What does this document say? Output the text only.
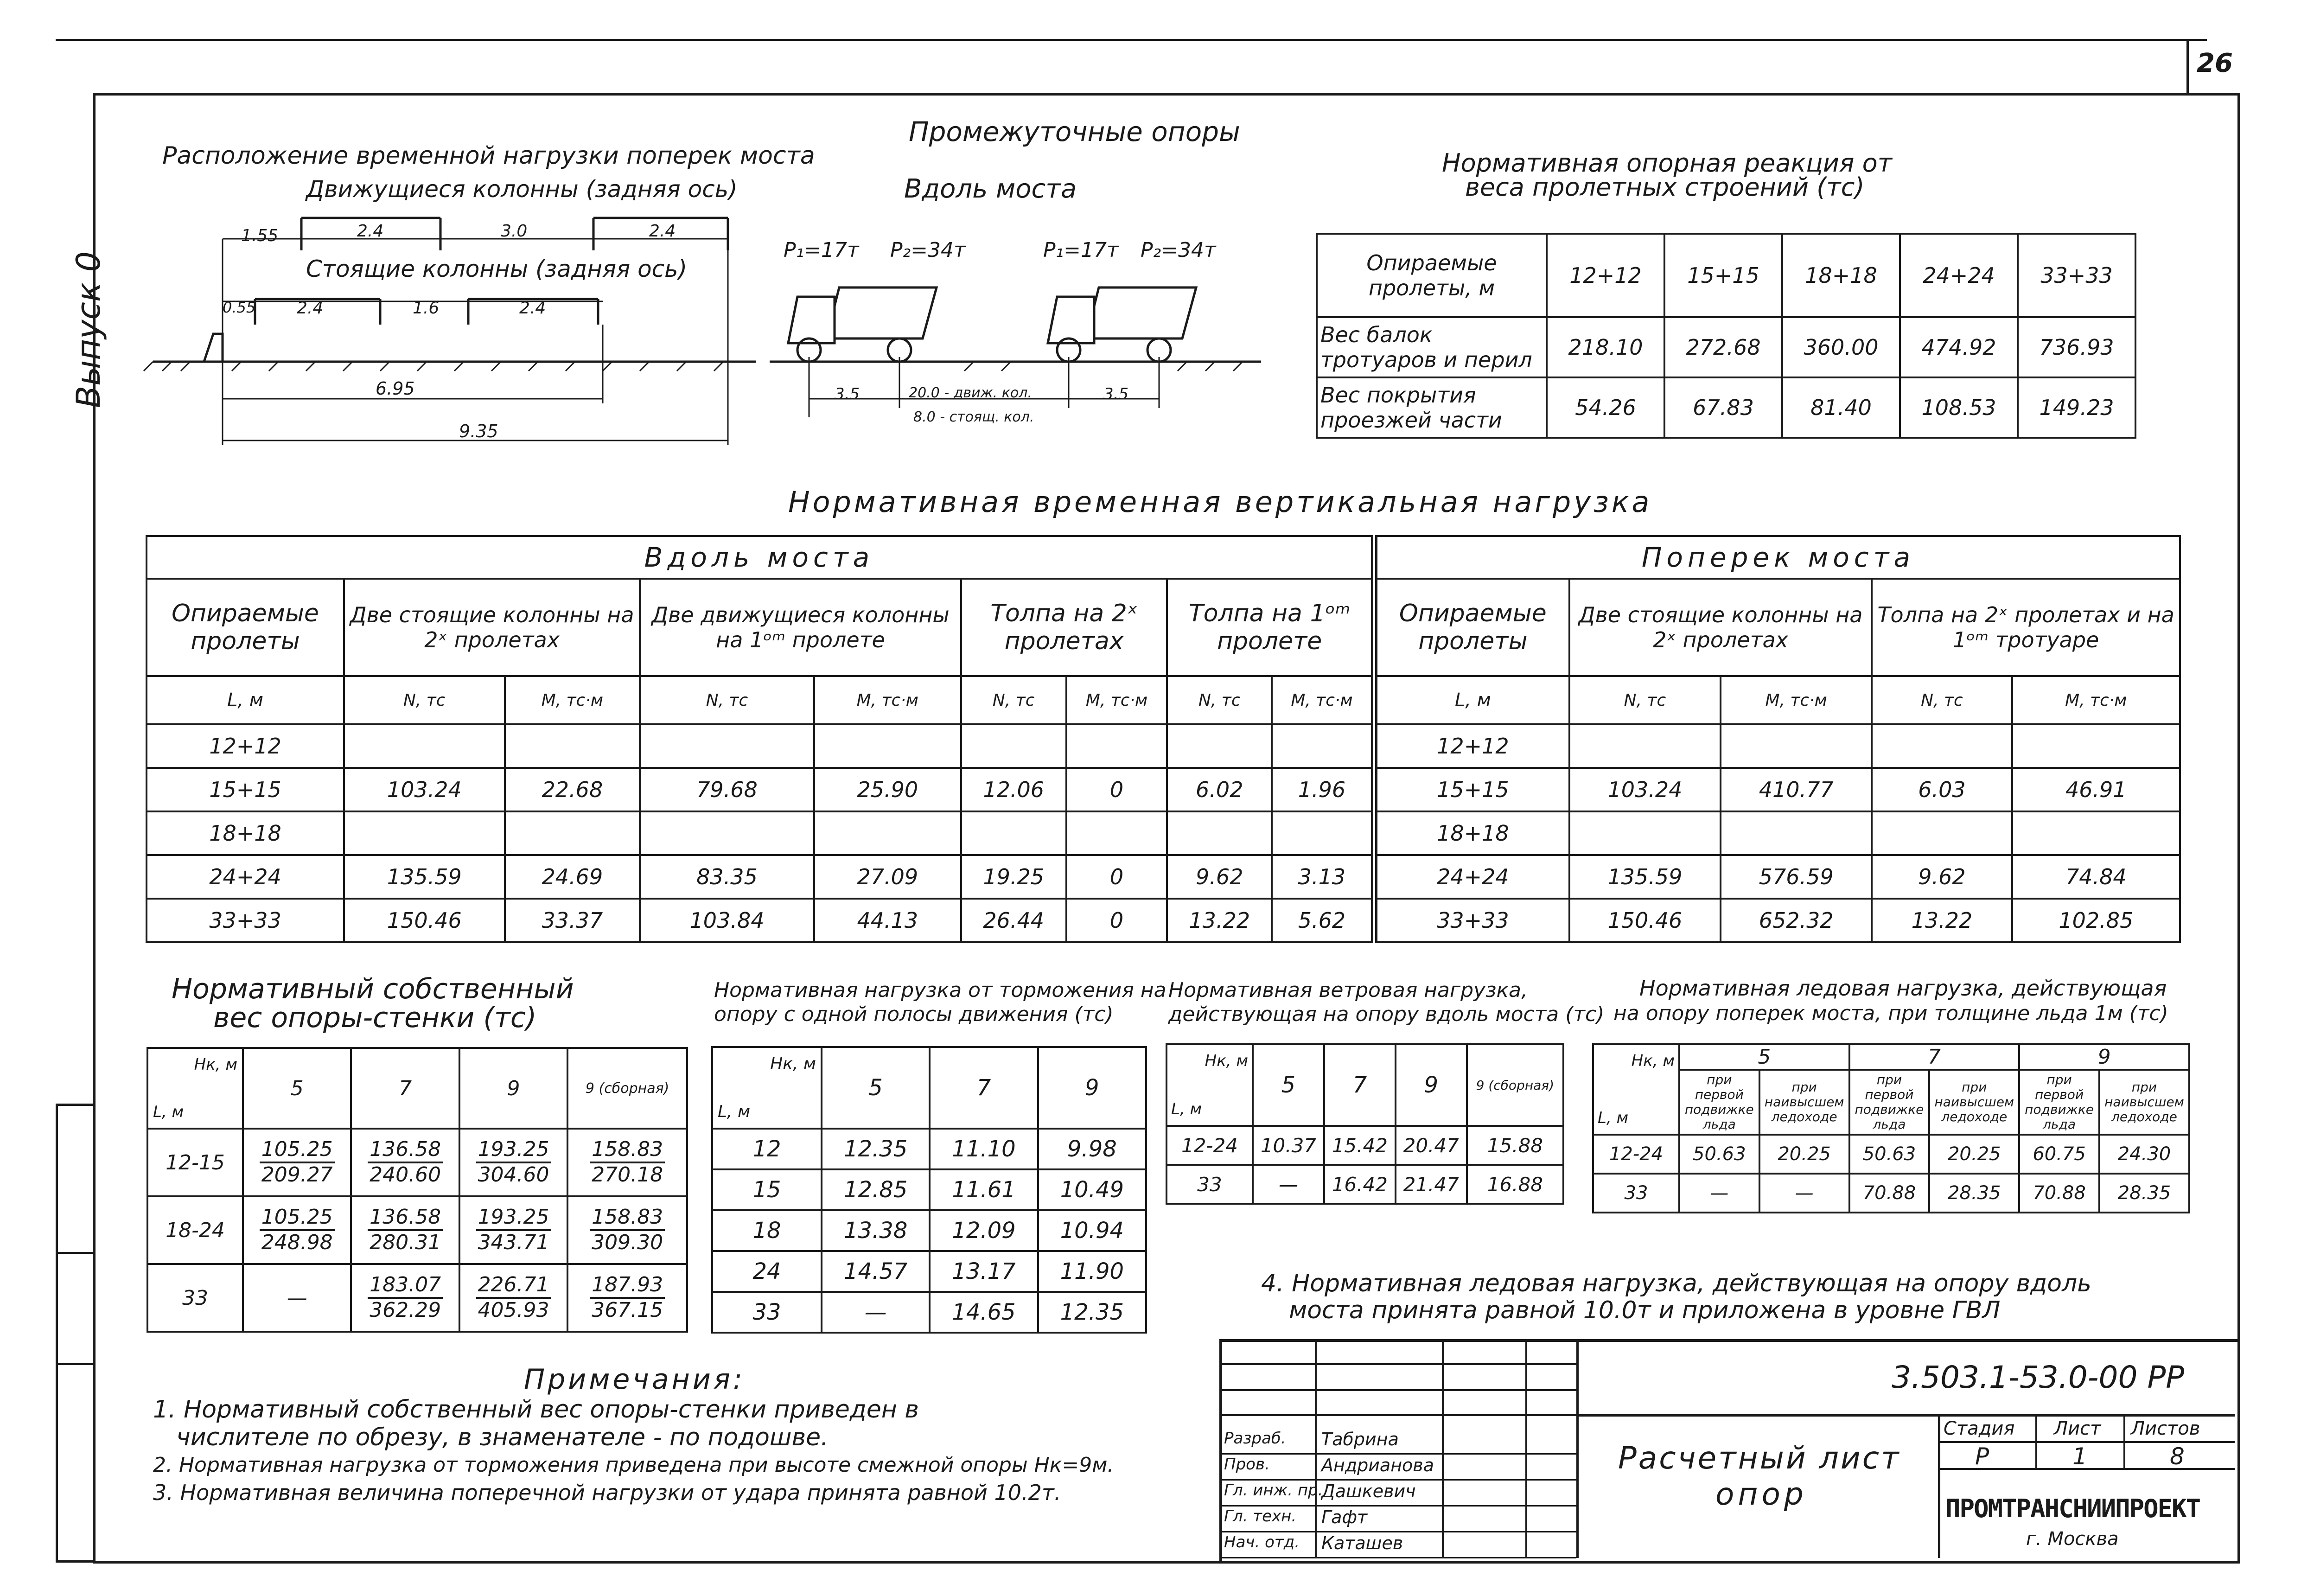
26
Выпуск 0
Промежуточные опоры
Расположение временной нагрузки поперек моста
Движущиеся колонны (задняя ось)
Стоящие колонны (задняя ось)
Вдоль моста
1.55	2.4	3.0	2.4
0.55 2.4	1.6	2.4
6.95
9.35
P₁=17т P₂=34т	P₁=17т P₂=34т
3.5	3.5
20.0 - движ. кол.
8.0 - стоящ. кол.
Нормативная опорная реакция от
веса пролетных строений (тс)
Опираемые пролеты, м	12+12	15+15	18+18	24+24	33+33
Вес балок тротуаров и перил	218.10	272.68	360.00	474.92	736.93
Вес покрытия проезжей части	54.26	67.83	81.40	108.53	149.23
Нормативная временная вертикальная нагрузка
Вдоль моста									Поперек моста				
Опираемые пролеты	Две стоящие колонны на 2ˣ пролетах		Две движущиеся колонны на 1ᵒᵐ пролете		Толпа на 2ˣ пролетах		Толпа на 1ᵒᵐ пролете		Опираемые пролеты	Две стоящие колонны на 2ˣ пролетах		Толпа на 2ˣ пролетах и на 1ᵒᵐ тротуаре	
L, м	N, тс	M, тс·м	N, тс	M, тс·м	N, тс	M, тс·м	N, тс	M, тс·м	L, м	N, тс	M, тс·м	N, тс	M, тс·м
12+12									12+12				
15+15	103.24	22.68	79.68	25.90	12.06	0	6.02	1.96	15+15	103.24	410.77	6.03	46.91
18+18									18+18				
24+24	135.59	24.69	83.35	27.09	19.25	0	9.62	3.13	24+24	135.59	576.59	9.62	74.84
33+33	150.46	33.37	103.84	44.13	26.44	0	13.22	5.62	33+33	150.46	652.32	13.22	102.85
Нормативный собственный
вес опоры-стенки (тс)
Hк, м
L, м	5	7	9	9 (сборная)
12-15	$\frac{105.25}{209.27}$	$\frac{136.58}{240.60}$	$\frac{193.25}{304.60}$	$\frac{158.83}{270.18}$

18-24	$\frac{105.25}{248.98}$	$\frac{136.58}{280.31}$	$\frac{193.25}{343.71}$	$\frac{158.83}{309.30}$

33	—	$\frac{183.07}{362.29}$	$\frac{226.71}{405.93}$	$\frac{187.93}{367.15}$
Нормативная нагрузка от торможения на
опору с одной полосы движения (тс)
Hк, м
L, м	5	7	9
12	12.35	11.10	9.98
15	12.85	11.61	10.49
18	13.38	12.09	10.94
24	14.57	13.17	11.90
33	—	14.65	12.35
Нормативная ветровая нагрузка,
действующая на опору вдоль моста (тс)
Hк, м
L, м	5	7	9	9 (сборная)
12-24	10.37	15.42	20.47	15.88
33	—	16.42	21.47	16.88
Нормативная ледовая нагрузка, действующая
на опору поперек моста, при толщине льда 1м (тс)
Hк, м
L, м	5		7		9	
	при первой подвижке льда	при наивысшем ледоходе	при первой подвижке льда	при наивысшем ледоходе	при первой подвижке льда	при наивысшем ледоходе
12-24	50.63	20.25	50.63	20.25	60.75	24.30
33	—	—	70.88	28.35	70.88	28.35
4. Нормативная ледовая нагрузка, действующая на опору вдоль
моста принята равной 10.0т и приложена в уровне ГВЛ
Примечания:
1. Нормативный собственный вес опоры-стенки приведен в
числителе по обрезу, в знаменателе - по подошве.
2. Нормативная нагрузка от торможения приведена при высоте смежной опоры Hк=9м.
3. Нормативная величина поперечной нагрузки от удара принята равной 10.2т.
3.503.1-53.0-00 РР
Расчетный лист
опор
Стадия Лист Листов
Р	1	8
ПРОМТРАНСНИИПРОЕКТ
г. Москва
Разраб. Табрина
Пров.	Андрианова
Гл. инж. пр.
Дашкевич
Гл. техн. Гафт
Нач. отд. Каташев
